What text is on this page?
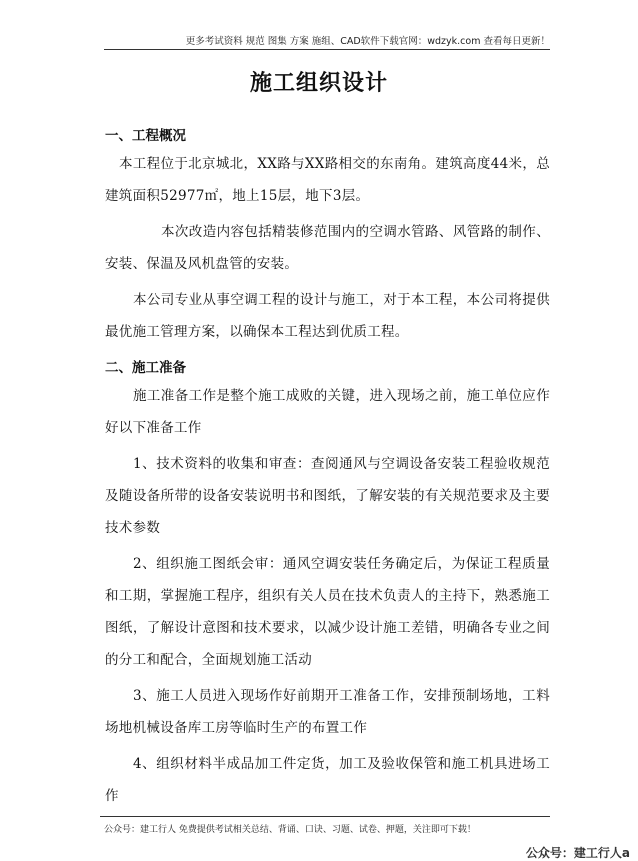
更多考试资料 规范 图集 方案 施组、CAD软件下载官网：wdzyk.com 查看每日更新！
施工组织设计
一、工程概况
本工程位于北京城北，XX路与XX路相交的东南角。建筑高度44米，总建筑面积52977㎡，地上15层，地下3层。
本次改造内容包括精装修范围内的空调水管路、风管路的制作、安装、保温及风机盘管的安装。
本公司专业从事空调工程的设计与施工，对于本工程，本公司将提供最优施工管理方案，以确保本工程达到优质工程。
二、施工准备
施工准备工作是整个施工成败的关键，进入现场之前，施工单位应作好以下准备工作
1、技术资料的收集和审查：查阅通风与空调设备安装工程验收规范及随设备所带的设备安装说明书和图纸，了解安装的有关规范要求及主要技术参数
2、组织施工图纸会审：通风空调安装任务确定后，为保证工程质量和工期，掌握施工程序，组织有关人员在技术负责人的主持下，熟悉施工图纸，了解设计意图和技术要求，以减少设计施工差错，明确各专业之间的分工和配合，全面规划施工活动
3、施工人员进入现场作好前期开工准备工作，安排预制场地，工料场地机械设备库工房等临时生产的布置工作
4、组织材料半成品加工件定货，加工及验收保管和施工机具进场工作
公众号：建工行人 免费提供考试相关总结、背诵、口诀、习题、试卷、押题，关注即可下载！
公众号：建工行人a
